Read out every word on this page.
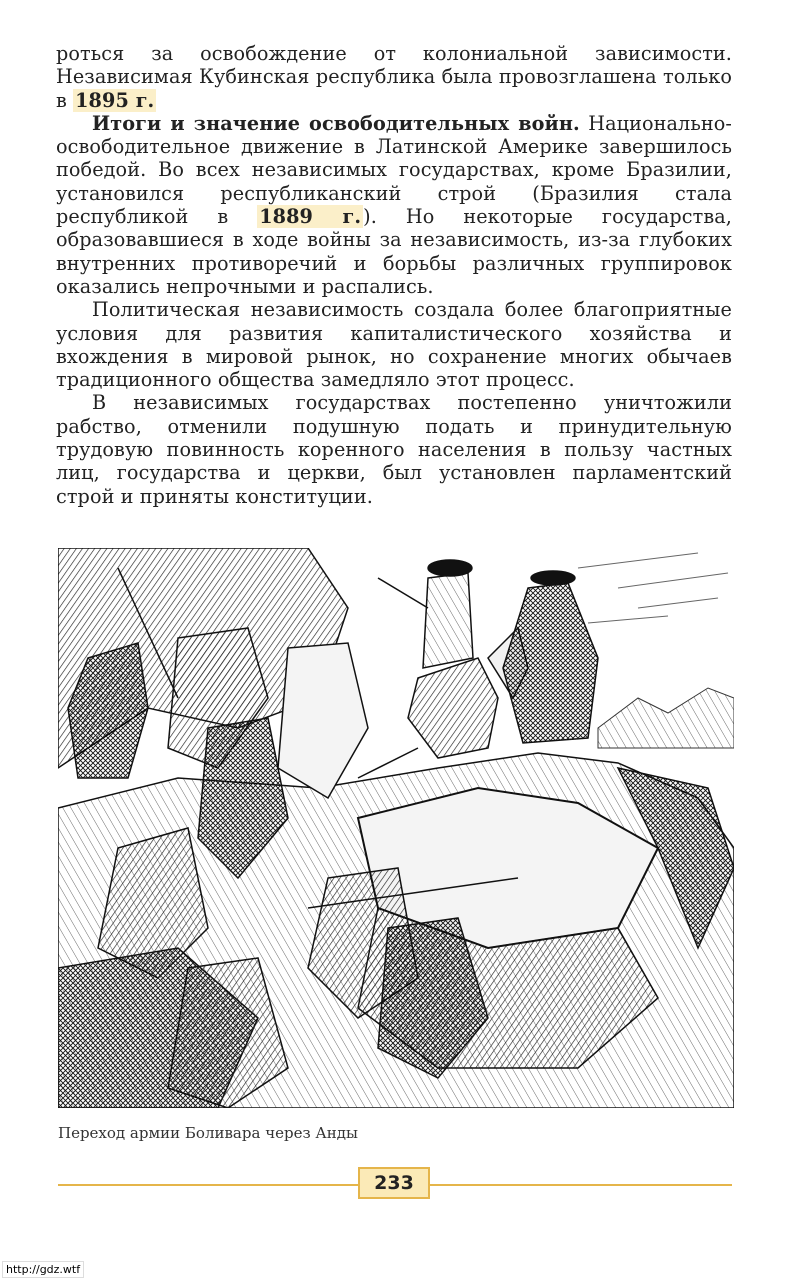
роться за освобождение от колониальной зависимости. Независимая Кубинская республика была провозглашена только в 1895 г.

Итоги и значение освободительных войн. Национально-освободительное движение в Латинской Америке завершилось победой. Во всех независимых государствах, кроме Бразилии, установился республиканский строй (Бразилия стала республикой в 1889 г. ). Но некоторые государства, образовавшиеся в ходе войны за независимость, из-за глубоких внутренних противоречий и борьбы различных группировок оказались непрочными и распались.

Политическая независимость создала более благоприятные условия для развития капиталистического хозяйства и вхождения в мировой рынок, но сохранение многих обычаев традиционного общества замедляло этот процесс.

В независимых государствах постепенно уничтожили рабство, отменили подушную подать и принудительную трудовую повинность коренного населения в пользу частных лиц, государства и церкви, был установлен парламентский строй и приняты конституции.

Переход армии Боливара через Анды
233
http://gdz.wtf
